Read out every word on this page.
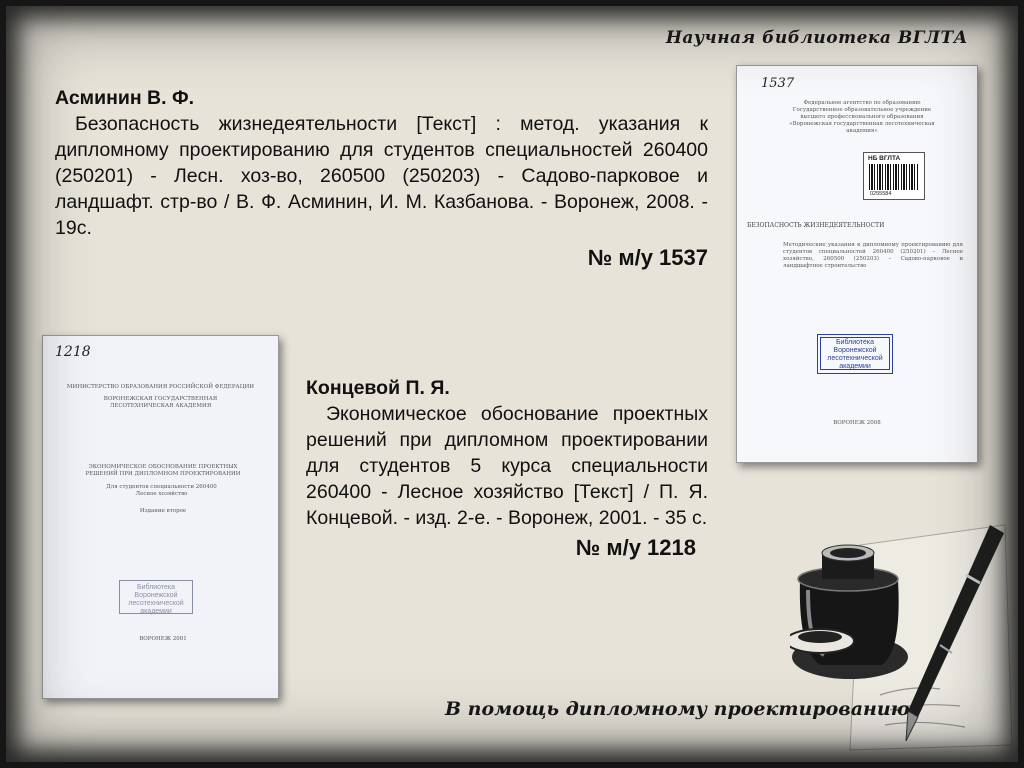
Научная библиотека ВГЛТА
1537
Федеральное агентство по образованию
Государственное образовательное учреждение
высшего профессионального образования
«Воронежская государственная лесотехническая академия»
НБ ВГЛТА
0255584
БЕЗОПАСНОСТЬ ЖИЗНЕДЕЯТЕЛЬНОСТИ
Методические указания к дипломному проектированию для студентов специальностей 260400 (250201) – Лесное хозяйство, 260500 (250203) – Садово-парковое и ландшафтное строительство
Библиотека Воронежской лесотехнической академии
ВОРОНЕЖ 2008
1218
МИНИСТЕРСТВО ОБРАЗОВАНИЯ РОССИЙСКОЙ ФЕДЕРАЦИИ
ВОРОНЕЖСКАЯ ГОСУДАРСТВЕННАЯ ЛЕСОТЕХНИЧЕСКАЯ АКАДЕМИЯ
ЭКОНОМИЧЕСКОЕ ОБОСНОВАНИЕ ПРОЕКТНЫХ РЕШЕНИЙ ПРИ ДИПЛОМНОМ ПРОЕКТИРОВАНИИ
Для студентов специальности 260400 Лесное хозяйство
Издание второе
Библиотека Воронежской лесотехнической академии
ВОРОНЕЖ 2001
Асминин В. Ф.
Безопасность жизнедеятельности [Текст] : метод. указания к дипломному проектированию для студентов специальностей 260400 (250201) - Лесн. хоз-во, 260500 (250203) - Садово-парковое и ландшафт. стр-во / В. Ф. Асминин, И. М. Казбанова. - Воронеж, 2008. - 19с.
№ м/у 1537
Концевой П. Я.
Экономическое обоснование проектных решений при дипломном проектировании для студентов 5 курса специальности 260400 - Лесное хозяйство [Текст] / П. Я. Концевой. - изд. 2-е. - Воронеж, 2001. - 35 с.
№ м/у 1218
В помощь дипломному проектированию
